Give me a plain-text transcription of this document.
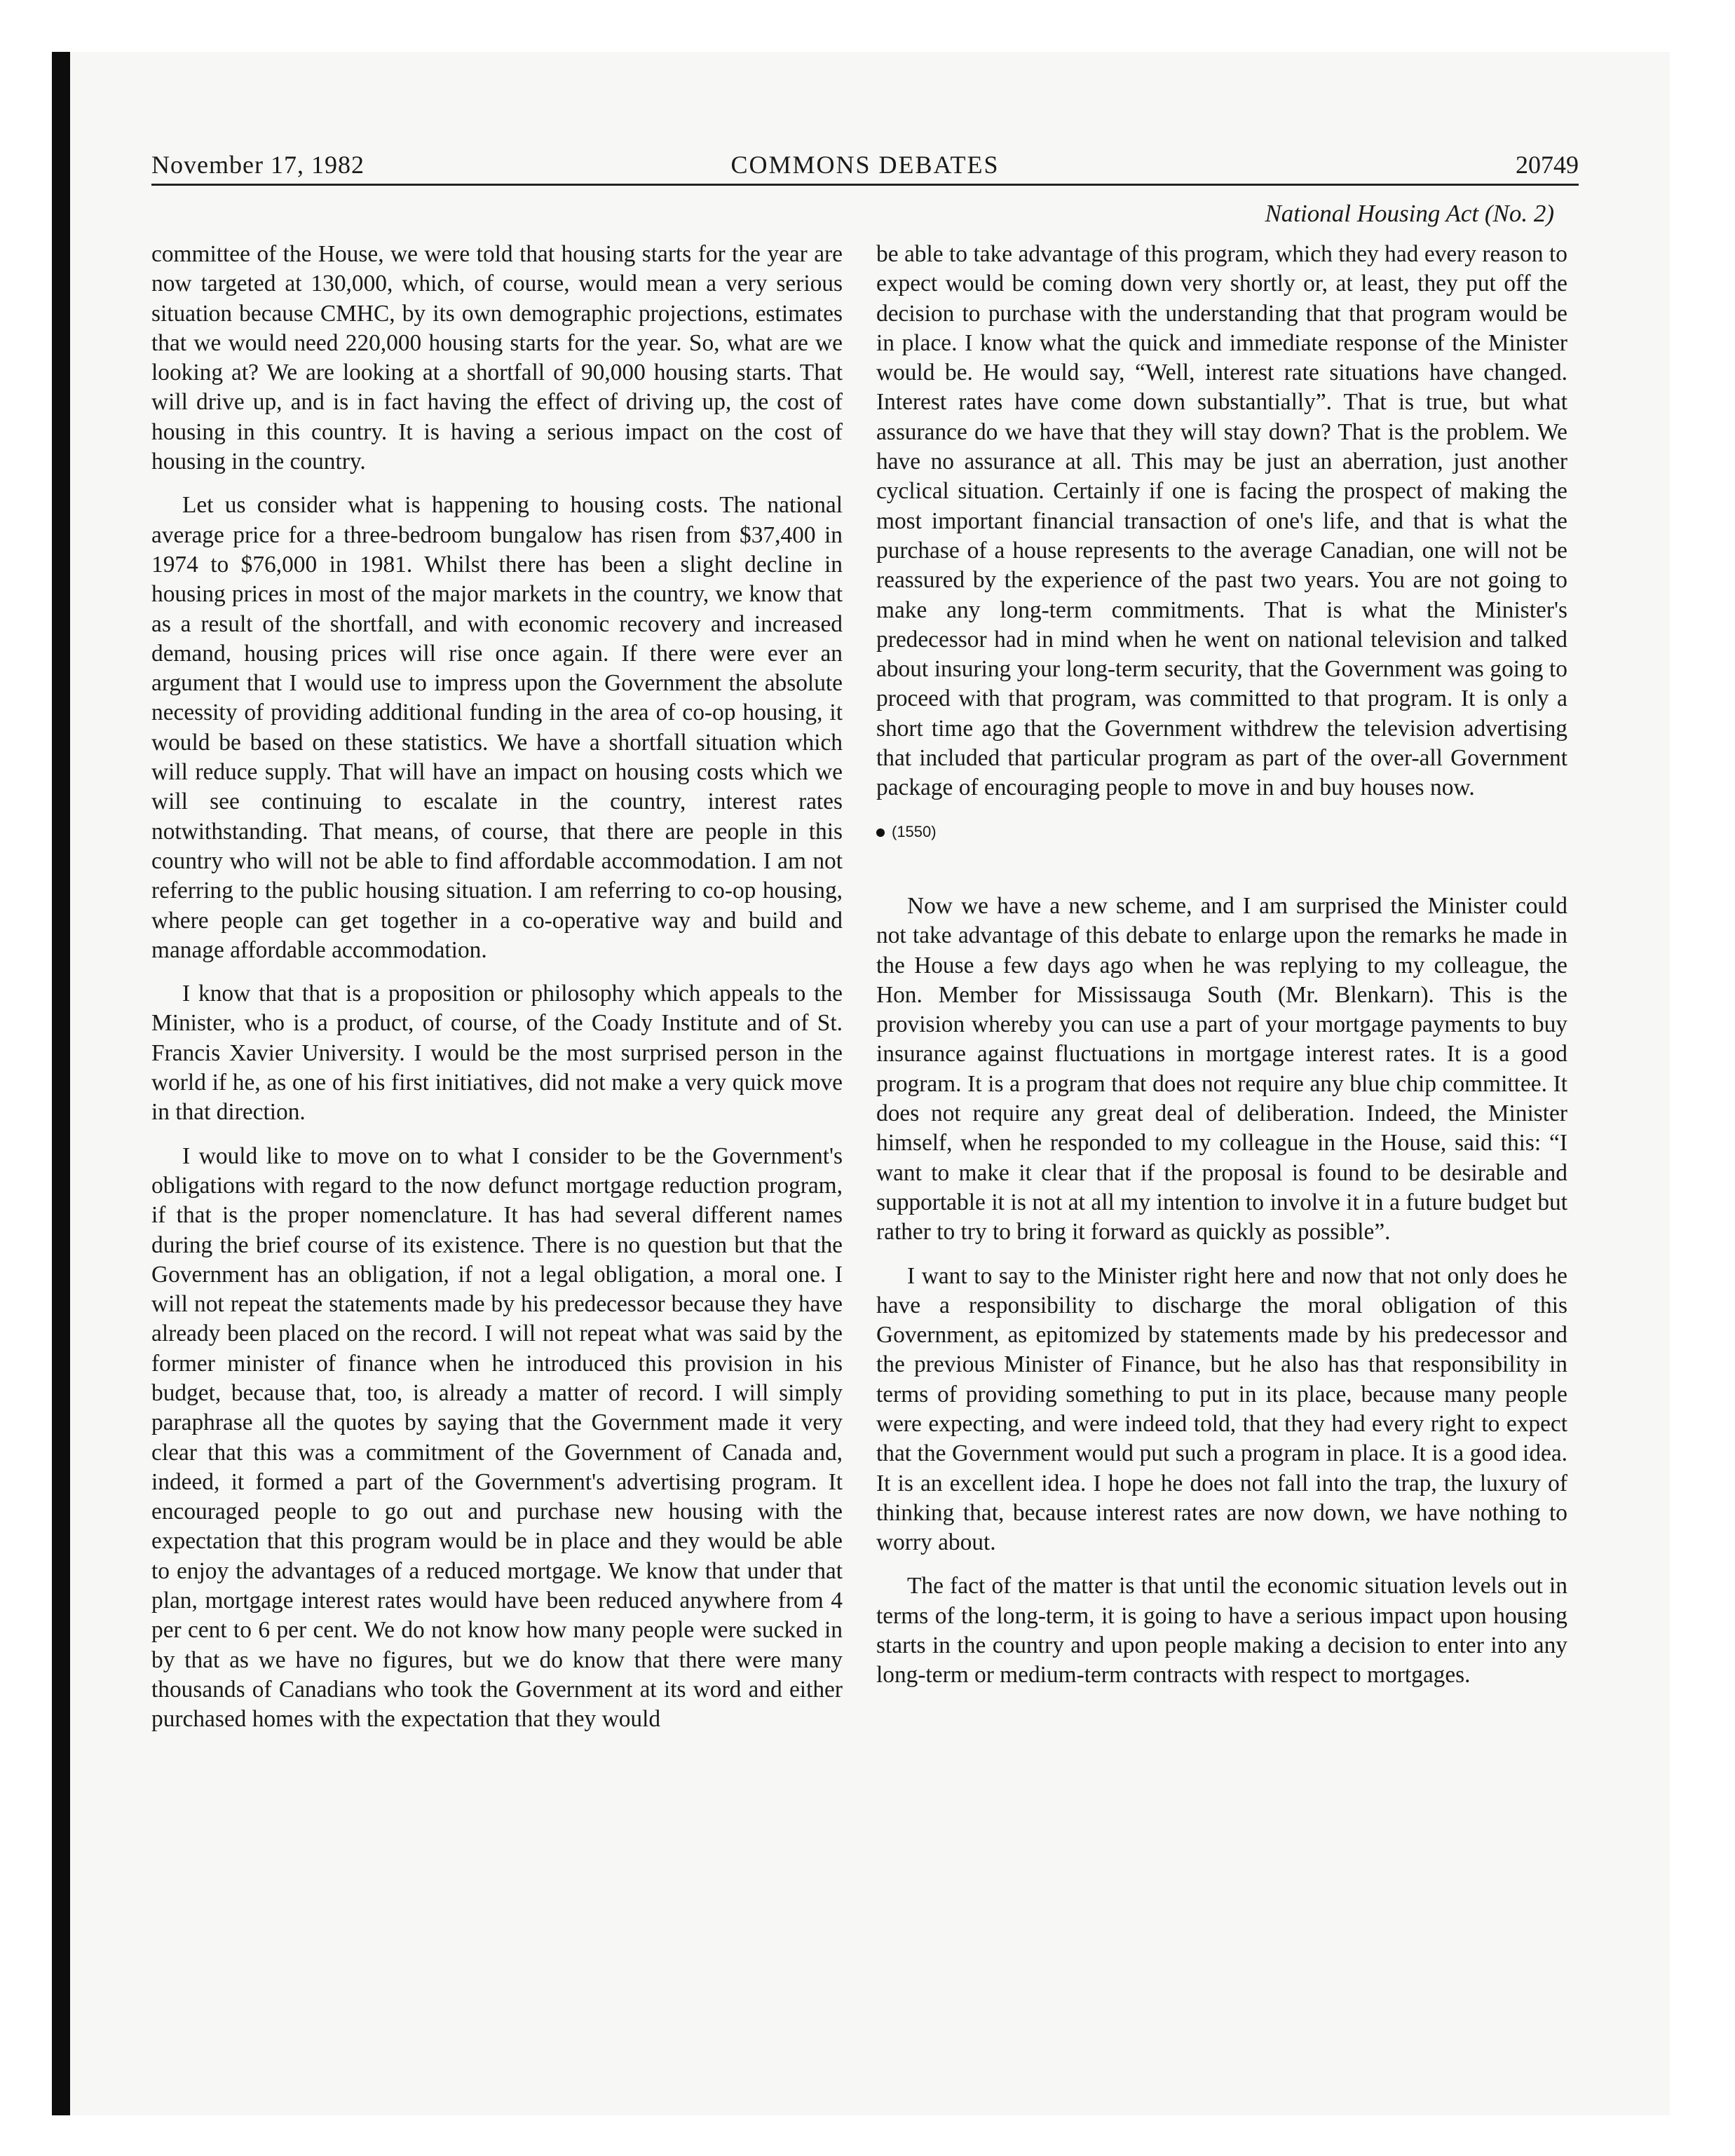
November 17, 1982	COMMONS DEBATES	20749
National Housing Act (No. 2)

committee of the House, we were told that housing starts for the year are now targeted at 130,000, which, of course, would mean a very serious situation because CMHC, by its own demographic projections, estimates that we would need 220,000 housing starts for the year. So, what are we looking at? We are looking at a shortfall of 90,000 housing starts. That will drive up, and is in fact having the effect of driving up, the cost of housing in this country. It is having a serious impact on the cost of housing in the country.

Let us consider what is happening to housing costs. The national average price for a three-bedroom bungalow has risen from $37,400 in 1974 to $76,000 in 1981. Whilst there has been a slight decline in housing prices in most of the major markets in the country, we know that as a result of the shortfall, and with economic recovery and increased demand, housing prices will rise once again. If there were ever an argument that I would use to impress upon the Government the absolute necessity of providing additional funding in the area of co-op housing, it would be based on these statistics. We have a shortfall situation which will reduce supply. That will have an impact on housing costs which we will see continuing to escalate in the country, interest rates notwithstanding. That means, of course, that there are people in this country who will not be able to find affordable accommodation. I am not referring to the public housing situation. I am referring to co-op housing, where people can get together in a co-operative way and build and manage affordable accommodation.

I know that that is a proposition or philosophy which appeals to the Minister, who is a product, of course, of the Coady Institute and of St. Francis Xavier University. I would be the most surprised person in the world if he, as one of his first initiatives, did not make a very quick move in that direction.

I would like to move on to what I consider to be the Government's obligations with regard to the now defunct mortgage reduction program, if that is the proper nomenclature. It has had several different names during the brief course of its existence. There is no question but that the Government has an obligation, if not a legal obligation, a moral one. I will not repeat the statements made by his predecessor because they have already been placed on the record. I will not repeat what was said by the former minister of finance when he introduced this provision in his budget, because that, too, is already a matter of record. I will simply paraphrase all the quotes by saying that the Government made it very clear that this was a commitment of the Government of Canada and, indeed, it formed a part of the Government's advertising program. It encouraged people to go out and purchase new housing with the expectation that this program would be in place and they would be able to enjoy the advantages of a reduced mortgage. We know that under that plan, mortgage interest rates would have been reduced anywhere from 4 per cent to 6 per cent. We do not know how many people were sucked in by that as we have no figures, but we do know that there were many thousands of Canadians who took the Government at its word and either purchased homes with the expectation that they would

be able to take advantage of this program, which they had every reason to expect would be coming down very shortly or, at least, they put off the decision to purchase with the understanding that that program would be in place. I know what the quick and immediate response of the Minister would be. He would say, “Well, interest rate situations have changed. Interest rates have come down substantially”. That is true, but what assurance do we have that they will stay down? That is the problem. We have no assurance at all. This may be just an aberration, just another cyclical situation. Certainly if one is facing the prospect of making the most important financial transaction of one's life, and that is what the purchase of a house represents to the average Canadian, one will not be reassured by the experience of the past two years. You are not going to make any long-term commitments. That is what the Minister's predecessor had in mind when he went on national television and talked about insuring your long-term security, that the Government was going to proceed with that program, was committed to that program. It is only a short time ago that the Government withdrew the television advertising that included that particular program as part of the over-all Government package of encouraging people to move in and buy houses now.

(1550)

Now we have a new scheme, and I am surprised the Minister could not take advantage of this debate to enlarge upon the remarks he made in the House a few days ago when he was replying to my colleague, the Hon. Member for Mississauga South (Mr. Blenkarn). This is the provision whereby you can use a part of your mortgage payments to buy insurance against fluctuations in mortgage interest rates. It is a good program. It is a program that does not require any blue chip committee. It does not require any great deal of deliberation. Indeed, the Minister himself, when he responded to my colleague in the House, said this: “I want to make it clear that if the proposal is found to be desirable and supportable it is not at all my intention to involve it in a future budget but rather to try to bring it forward as quickly as possible”.

I want to say to the Minister right here and now that not only does he have a responsibility to discharge the moral obligation of this Government, as epitomized by statements made by his predecessor and the previous Minister of Finance, but he also has that responsibility in terms of providing something to put in its place, because many people were expecting, and were indeed told, that they had every right to expect that the Government would put such a program in place. It is a good idea. It is an excellent idea. I hope he does not fall into the trap, the luxury of thinking that, because interest rates are now down, we have nothing to worry about.

The fact of the matter is that until the economic situation levels out in terms of the long-term, it is going to have a serious impact upon housing starts in the country and upon people making a decision to enter into any long-term or medium-term contracts with respect to mortgages.
